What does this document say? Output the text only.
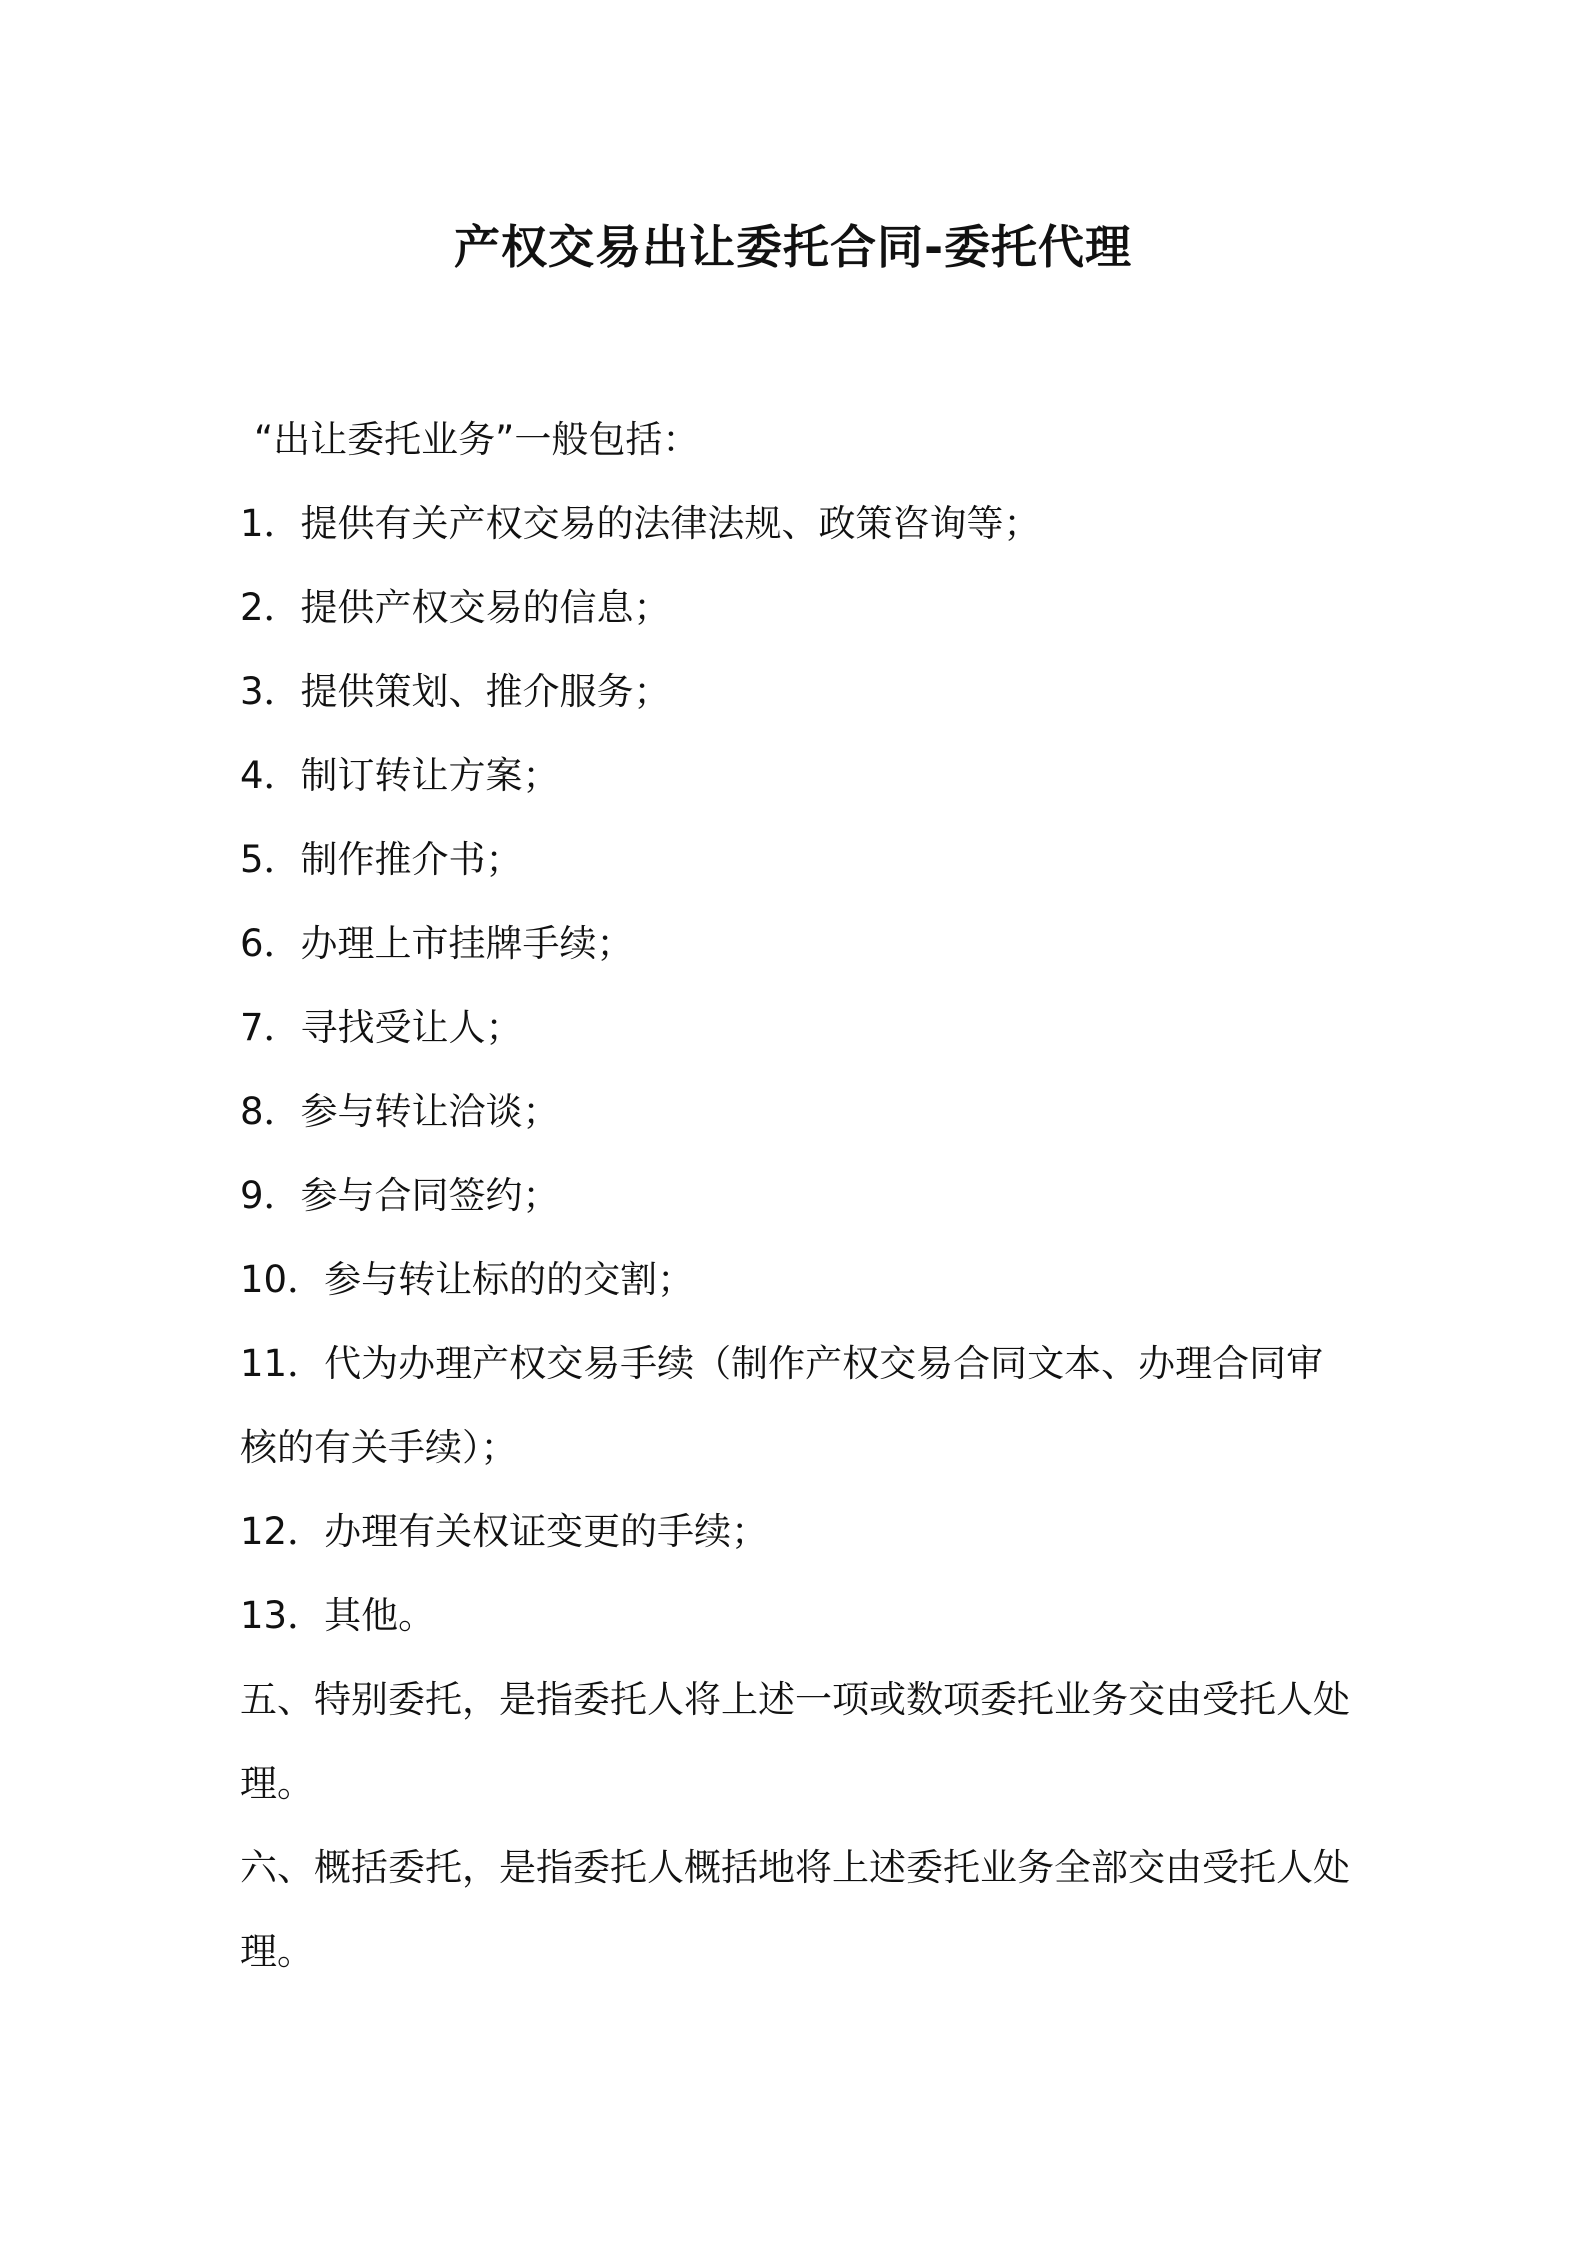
产权交易出让委托合同-委托代理

“出让委托业务”一般包括：

1．提供有关产权交易的法律法规、政策咨询等；

2．提供产权交易的信息；

3．提供策划、推介服务；

4．制订转让方案；

5．制作推介书；

6．办理上市挂牌手续；

7．寻找受让人；

8．参与转让洽谈；

9．参与合同签约；

10．参与转让标的的交割；

11．代为办理产权交易手续（制作产权交易合同文本、办理合同审

核的有关手续）；

12．办理有关权证变更的手续；

13．其他。

五、特别委托，是指委托人将上述一项或数项委托业务交由受托人处

理。

六、概括委托，是指委托人概括地将上述委托业务全部交由受托人处

理。
